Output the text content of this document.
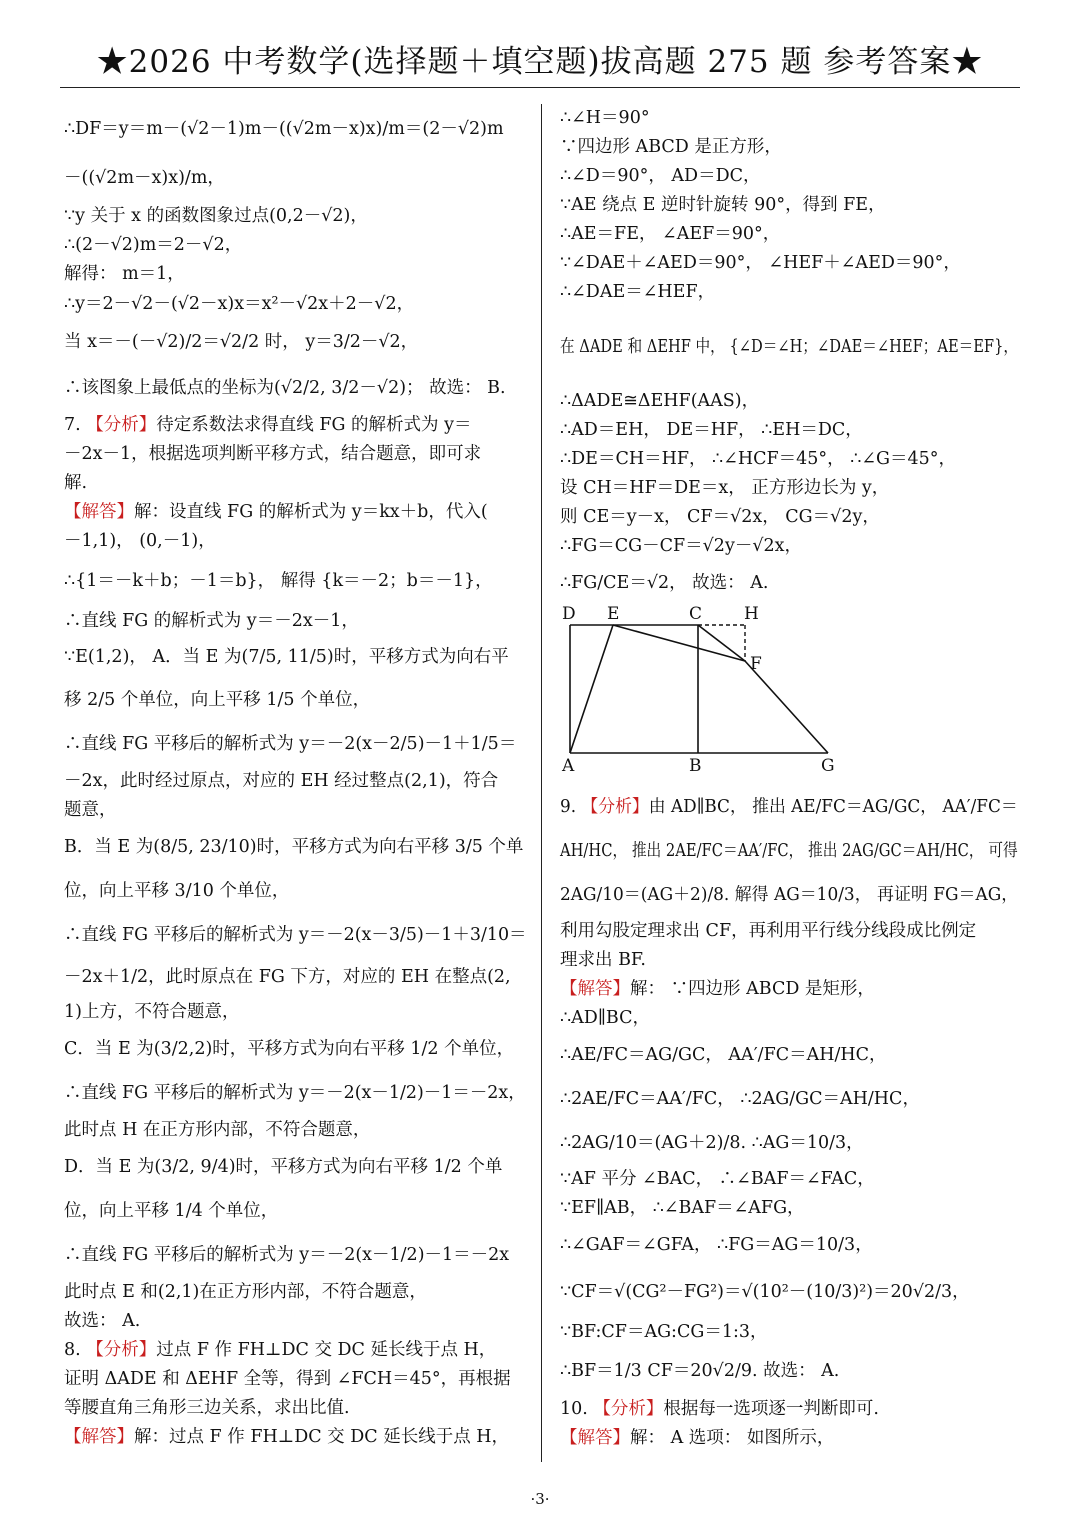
★2026 中考数学(选择题＋填空题)拔高题 275 题 参考答案★
∴DF＝y＝m－(√2－1)m－((√2m－x)x)/m＝(2－√2)m
－((√2m－x)x)/m，
∵y 关于 x 的函数图象过点(0,2－√2)，
∴(2－√2)m＝2－√2，
解得： m＝1，
∴y＝2－√2－(√2－x)x＝x²－√2x＋2－√2，
当 x＝－(－√2)/2＝√2/2 时， y＝3/2－√2，
∴该图象上最低点的坐标为(√2/2, 3/2－√2)； 故选： B.
7. 【分析】待定系数法求得直线 FG 的解析式为 y＝
－2x－1，根据选项判断平移方式，结合题意，即可求
解.
【解答】解：设直线 FG 的解析式为 y＝kx＋b，代入(
－1,1)， (0,－1)，
∴{1＝－k＋b；－1＝b}， 解得 {k＝－2；b＝－1}，
∴直线 FG 的解析式为 y＝－2x－1，
∵E(1,2)， A．当 E 为(7/5, 11/5)时，平移方式为向右平
移 2/5 个单位，向上平移 1/5 个单位，
∴直线 FG 平移后的解析式为 y＝－2(x－2/5)－1＋1/5＝
－2x，此时经过原点，对应的 EH 经过整点(2,1)，符合
题意，
B．当 E 为(8/5, 23/10)时，平移方式为向右平移 3/5 个单
位，向上平移 3/10 个单位，
∴直线 FG 平移后的解析式为 y＝－2(x－3/5)－1＋3/10＝
－2x＋1/2，此时原点在 FG 下方，对应的 EH 在整点(2,
1)上方，不符合题意，
C．当 E 为(3/2,2)时，平移方式为向右平移 1/2 个单位，
∴直线 FG 平移后的解析式为 y＝－2(x－1/2)－1＝－2x，
此时点 H 在正方形内部，不符合题意，
D．当 E 为(3/2, 9/4)时，平移方式为向右平移 1/2 个单
位，向上平移 1/4 个单位，
∴直线 FG 平移后的解析式为 y＝－2(x－1/2)－1＝－2x
此时点 E 和(2,1)在正方形内部，不符合题意，
故选： A.
8. 【分析】过点 F 作 FH⊥DC 交 DC 延长线于点 H，
证明 ΔADE 和 ΔEHF 全等，得到 ∠FCH＝45°，再根据
等腰直角三角形三边关系，求出比值.
【解答】解：过点 F 作 FH⊥DC 交 DC 延长线于点 H，
∴∠H＝90°
∵四边形 ABCD 是正方形，
∴∠D＝90°， AD＝DC，
∵AE 绕点 E 逆时针旋转 90°，得到 FE，
∴AE＝FE， ∠AEF＝90°，
∵∠DAE＋∠AED＝90°， ∠HEF＋∠AED＝90°，
∴∠DAE＝∠HEF，
在 ΔADE 和 ΔEHF 中， {∠D＝∠H；∠DAE＝∠HEF；AE＝EF}，
∴ΔADE≅ΔEHF(AAS)，
∴AD＝EH， DE＝HF， ∴EH＝DC，
∴DE＝CH＝HF， ∴∠HCF＝45°， ∴∠G＝45°，
设 CH＝HF＝DE＝x， 正方形边长为 y，
则 CE＝y－x， CF＝√2x， CG＝√2y，
∴FG＝CG－CF＝√2y－√2x，
∴FG/CE＝√2， 故选： A.
D E	C H
F
A	B	G
9. 【分析】由 AD∥BC， 推出 AE/FC＝AG/GC， AA′/FC＝
AH/HC， 推出 2AE/FC＝AA′/FC， 推出 2AG/GC＝AH/HC， 可得
2AG/10＝(AG＋2)/8. 解得 AG＝10/3， 再证明 FG＝AG，
利用勾股定理求出 CF，再利用平行线分线段成比例定
理求出 BF.
【解答】解： ∵四边形 ABCD 是矩形，
∴AD∥BC，
∴AE/FC＝AG/GC， AA′/FC＝AH/HC，
∴2AE/FC＝AA′/FC， ∴2AG/GC＝AH/HC，
∴2AG/10＝(AG＋2)/8. ∴AG＝10/3，
∵AF 平分 ∠BAC， ∴∠BAF＝∠FAC，
∵EF∥AB， ∴∠BAF＝∠AFG，
∴∠GAF＝∠GFA， ∴FG＝AG＝10/3，
∵CF＝√(CG²－FG²)＝√(10²－(10/3)²)＝20√2/3，
∵BF:CF＝AG:CG＝1:3，
∴BF＝1/3 CF＝20√2/9. 故选： A.
10. 【分析】根据每一选项逐一判断即可.
【解答】解： A 选项： 如图所示，
·3·
